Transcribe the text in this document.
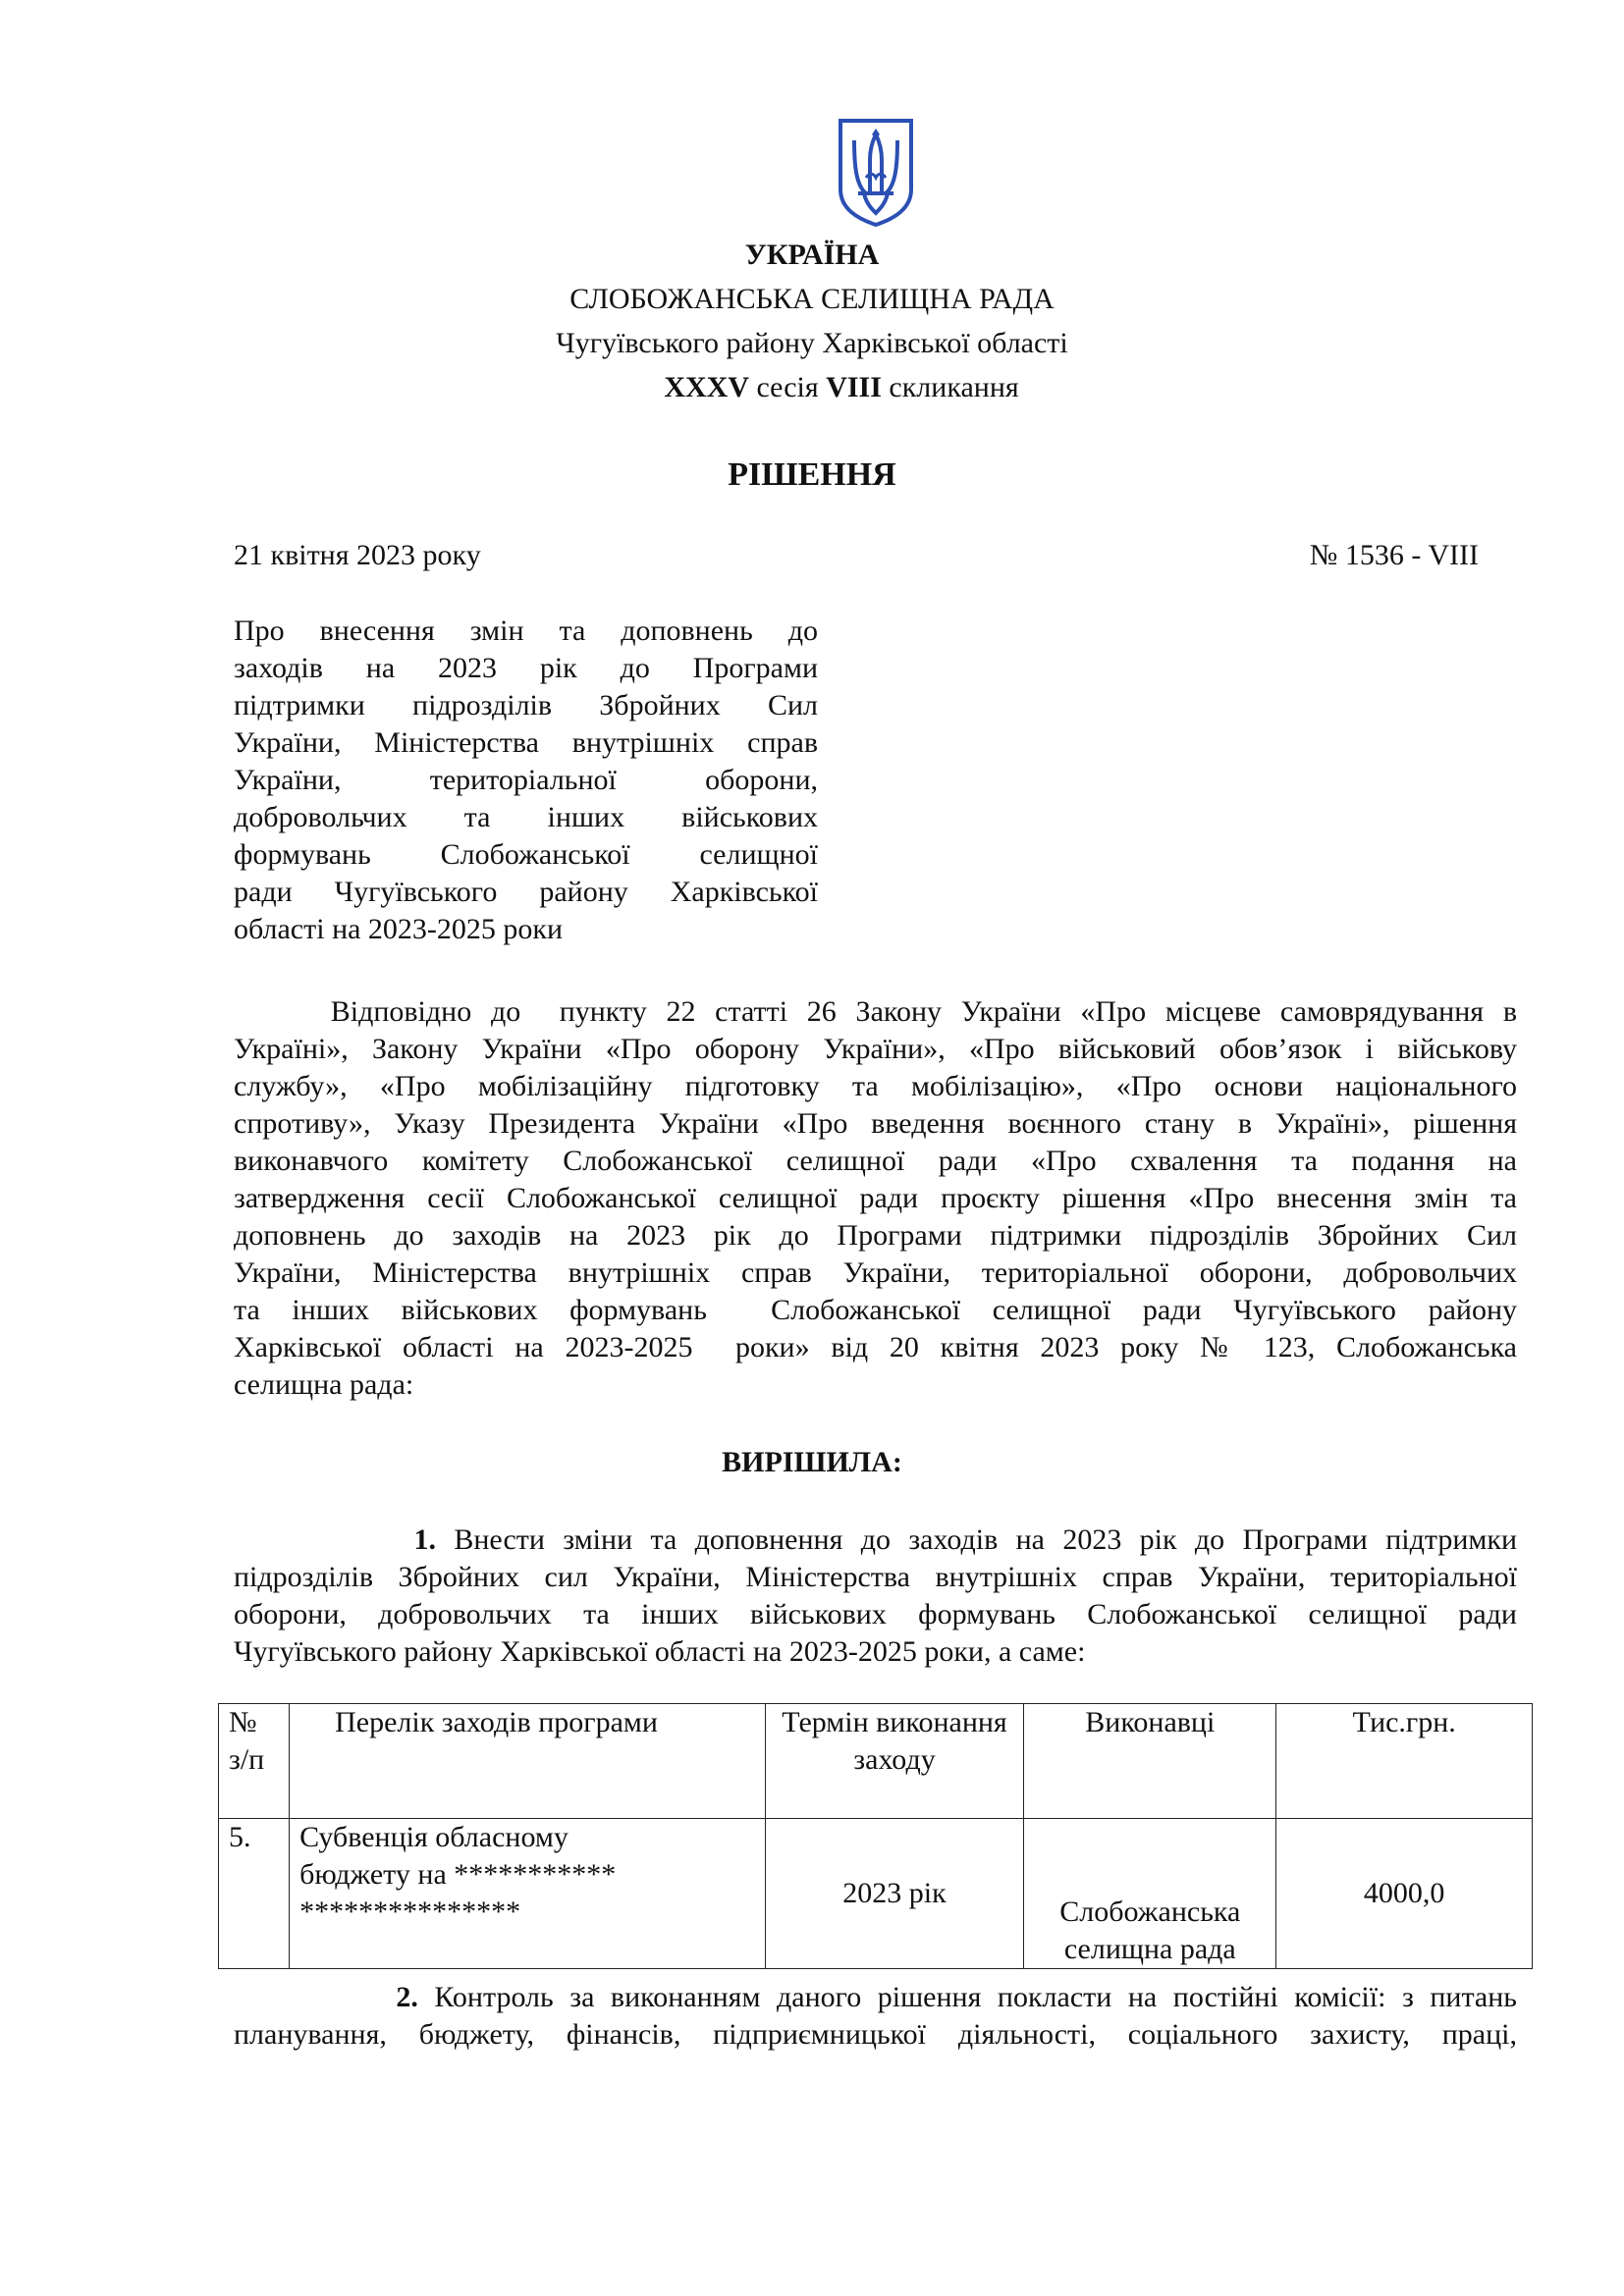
УКРАЇНА
СЛОБОЖАНСЬКА СЕЛИЩНА РАДА
Чугуївського району Харківської області
XXXV сесія VIII скликання
РІШЕННЯ
21 квітня 2023 року	№ 1536 - VIII
Про внесення змін та доповнень до
заходів на 2023 рік до Програми
підтримки підрозділів Збройних Сил
України, Міністерства внутрішніх справ
України, територіальної оборони,
добровольчих та інших військових
формувань Слобожанської селищної
ради Чугуївського району Харківської
області на 2023-2025 роки
Відповідно до  пункту 22 статті 26 Закону України «Про місцеве самоврядування в
Україні», Закону України «Про оборону України», «Про військовий обов’язок і військову
службу», «Про мобілізаційну підготовку та мобілізацію», «Про основи національного
спротиву», Указу Президента України «Про введення воєнного стану в Україні», рішення
виконавчого комітету Слобожанської селищної ради «Про схвалення та подання на
затвердження сесії Слобожанської селищної ради проєкту рішення «Про внесення змін та
доповнень до заходів на 2023 рік до Програми підтримки підрозділів Збройних Сил
України, Міністерства внутрішніх справ України, територіальної оборони, добровольчих
та інших військових формувань  Слобожанської селищної ради Чугуївського району
Харківської області на 2023-2025  роки» від 20 квітня 2023 року № 123, Слобожанська
селищна рада:
ВИРІШИЛА:
1. Внести зміни та доповнення до заходів на 2023 рік до Програми підтримки
підрозділів Збройних сил України, Міністерства внутрішніх справ України, територіальної
оборони, добровольчих та інших військових формувань Слобожанської селищної ради
Чугуївського району Харківської області на 2023-2025 роки, а саме:
№ з/п	Перелік заходів програми	Термін виконання заходу	Виконавці	Тис.грн.
5.	Субвенція обласному
бюджету на ***********
***************	2023 рік	Слобожанська селищна рада	4000,0
2. Контроль за виконанням даного рішення покласти на постійні комісії: з питань
планування, бюджету, фінансів, підприємницької діяльності, соціального захисту, праці,
